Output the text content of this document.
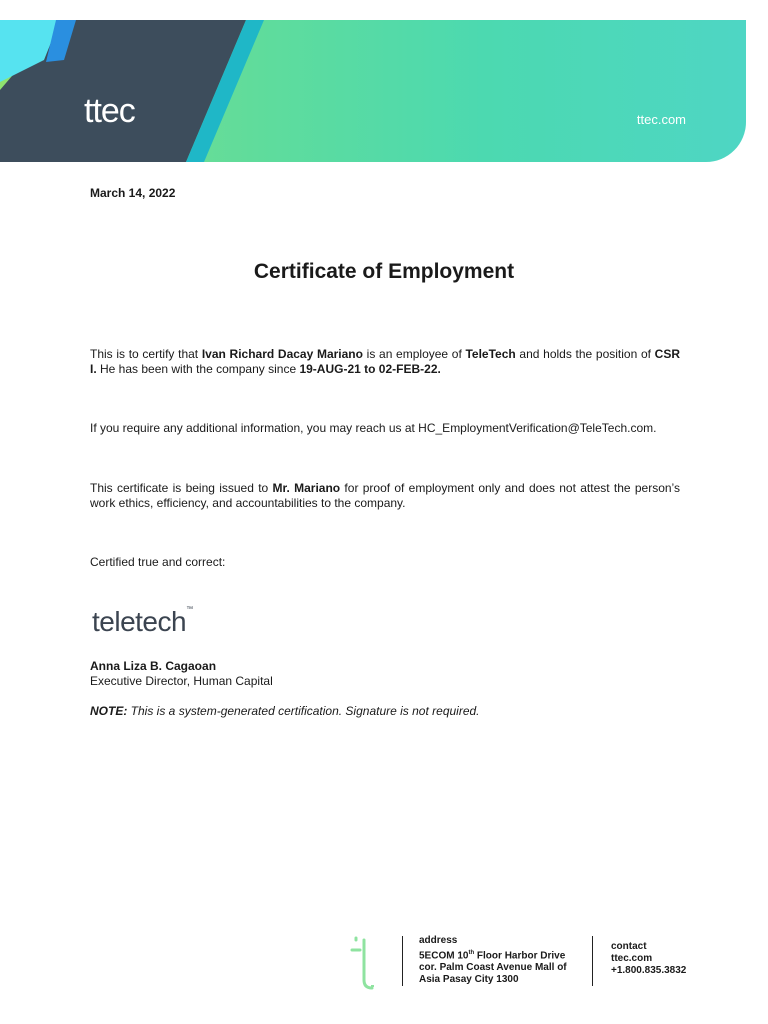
ttec	ttec.com
March 14, 2022
Certificate of Employment
This is to certify that Ivan Richard Dacay Mariano is an employee of TeleTech and holds the position of CSR I. He has been with the company since 19-AUG-21 to 02-FEB-22.
If you require any additional information, you may reach us at HC_EmploymentVerification@TeleTech.com.
This certificate is being issued to Mr. Mariano for proof of employment only and does not attest the person’s work ethics, efficiency, and accountabilities to the company.
Certified true and correct:
teletech™
Anna Liza B. Cagaoan
Executive Director, Human Capital
NOTE: This is a system-generated certification. Signature is not required.
address
5ECOM 10th Floor Harbor Drive
cor. Palm Coast Avenue Mall of
Asia Pasay City 1300
contact
ttec.com
+1.800.835.3832
